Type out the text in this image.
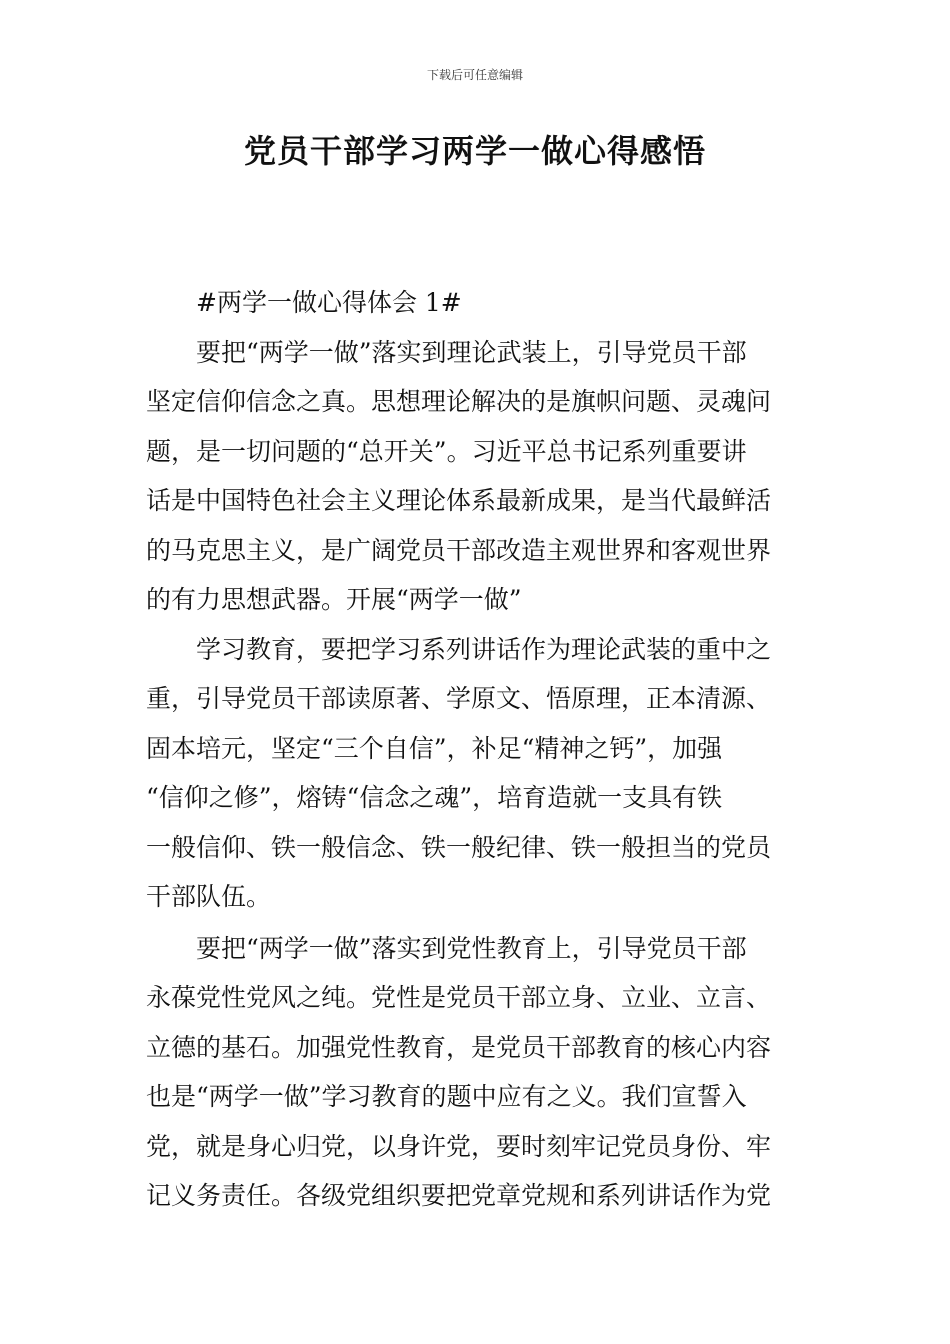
下载后可任意编辑
党员干部学习两学一做心得感悟
#两学一做心得体会 1#
要把“两学一做”落实到理论武装上，引导党员干部
坚定信仰信念之真。思想理论解决的是旗帜问题、灵魂问
题，是一切问题的“总开关”。习近平总书记系列重要讲
话是中国特色社会主义理论体系最新成果，是当代最鲜活
的马克思主义，是广阔党员干部改造主观世界和客观世界
的有力思想武器。开展“两学一做”
学习教育，要把学习系列讲话作为理论武装的重中之
重，引导党员干部读原著、学原文、悟原理，正本清源、
固本培元，坚定“三个自信”，补足“精神之钙”，加强
“信仰之修”，熔铸“信念之魂”，培育造就一支具有铁
一般信仰、铁一般信念、铁一般纪律、铁一般担当的党员
干部队伍。
要把“两学一做”落实到党性教育上，引导党员干部
永葆党性党风之纯。党性是党员干部立身、立业、立言、
立德的基石。加强党性教育，是党员干部教育的核心内容
也是“两学一做”学习教育的题中应有之义。我们宣誓入
党，就是身心归党，以身许党，要时刻牢记党员身份、牢
记义务责任。各级党组织要把党章党规和系列讲话作为党
